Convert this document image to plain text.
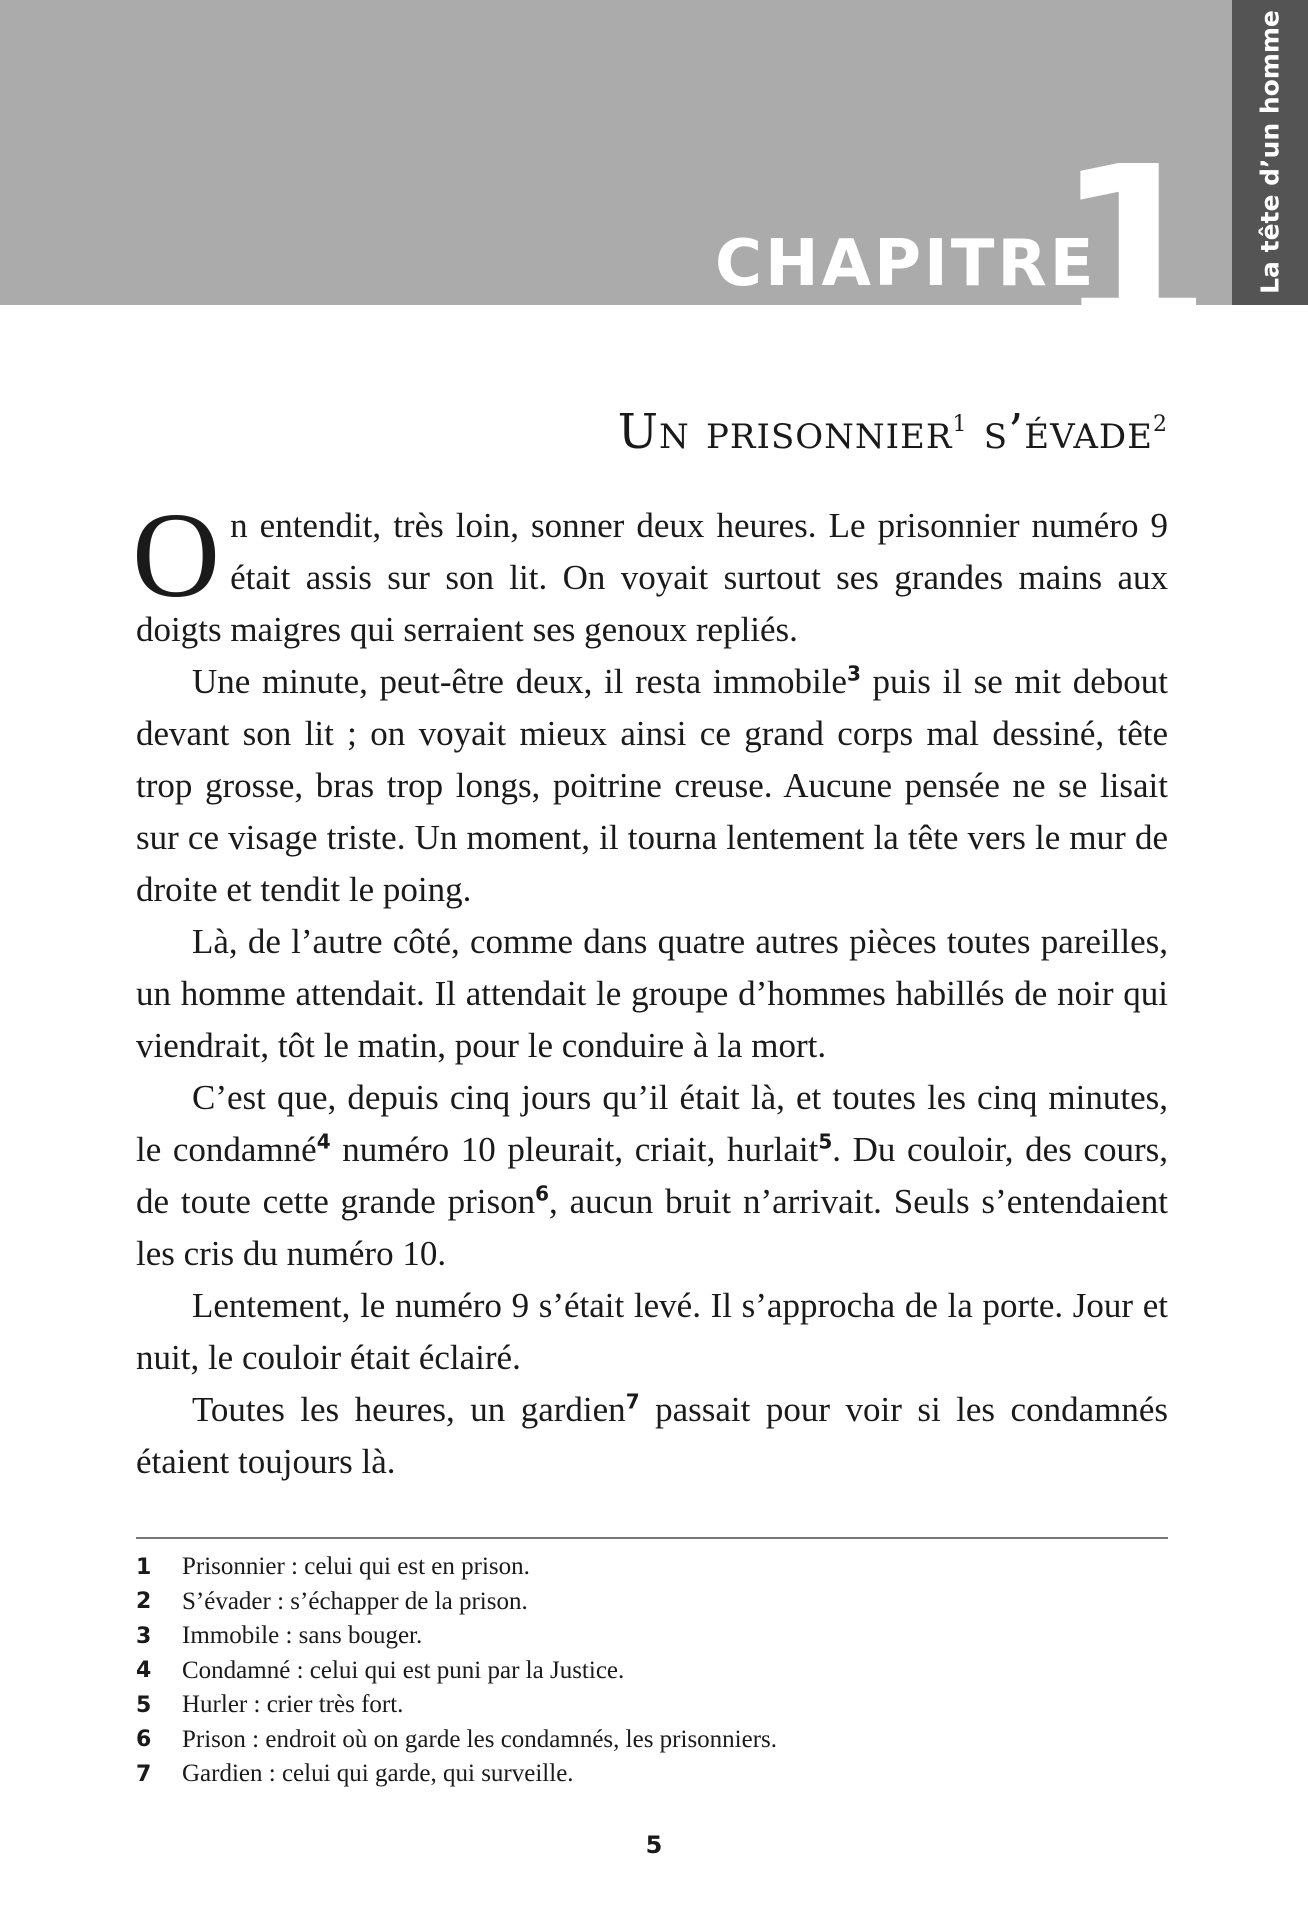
La tête d’un homme
CHAPITRE
1
Un prisonnier$^1$ s’évade$^2$

On entendit, très loin, sonner deux heures. Le prisonnier numéro 9 était assis sur son lit. On voyait surtout ses grandes mains aux doigts maigres qui serraient ses genoux repliés.

Une minute, peut-être deux, il resta immobile$^3$ puis il se mit debout devant son lit ; on voyait mieux ainsi ce grand corps mal dessiné, tête trop grosse, bras trop longs, poitrine creuse. Aucune pensée ne se lisait sur ce visage triste. Un moment, il tourna lentement la tête vers le mur de droite et tendit le poing.

Là, de l’autre côté, comme dans quatre autres pièces toutes pareilles, un homme attendait. Il attendait le groupe d’hommes habillés de noir qui viendrait, tôt le matin, pour le conduire à la mort.

C’est que, depuis cinq jours qu’il était là, et toutes les cinq minutes, le condamné$^4$ numéro 10 pleurait, criait, hurlait$^5$. Du couloir, des cours, de toute cette grande prison$^6$, aucun bruit n’arrivait. Seuls s’entendaient les cris du numéro 10.

Lentement, le numéro 9 s’était levé. Il s’approcha de la porte. Jour et nuit, le couloir était éclairé.

Toutes les heures, un gardien$^7$ passait pour voir si les condamnés étaient toujours là.

1	Prisonnier : celui qui est en prison.
2	S’évader : s’échapper de la prison.
3	Immobile : sans bouger.
4	Condamné : celui qui est puni par la Justice.
5	Hurler : crier très fort.
6	Prison : endroit où on garde les condamnés, les prisonniers.
7	Gardien : celui qui garde, qui surveille.
5
